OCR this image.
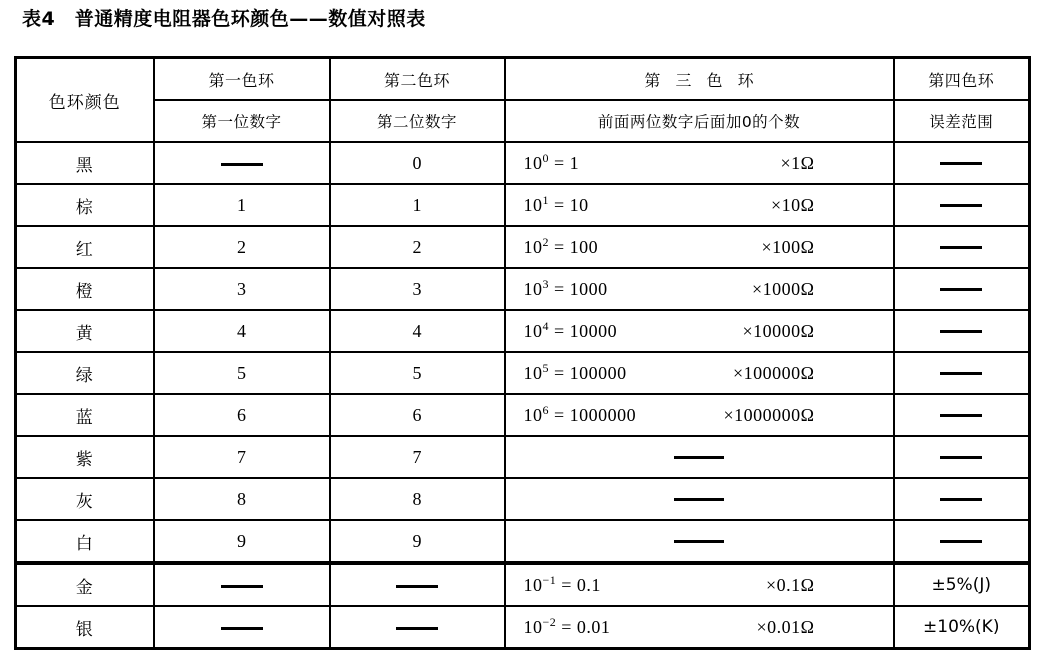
表4　普通精度电阻器色环颜色——数值对照表
色环颜色	第一色环	第二色环	第 三 色 环	第四色环
	第一位数字	第二位数字	前面两位数字后面加0的个数	误差范围
黑		0	$10^0 = 1 \times 1\Omega$	

棕	1	1	$10^1 = 10 \times 10\Omega$	

红	2	2	$10^2 = 100 \times 100\Omega$	

橙	3	3	$10^3 = 1000 \times 1000\Omega$	

黄	4	4	$10^4 = 10000 \times 10000\Omega$	

绿	5	5	$10^5 = 100000 \times 100000\Omega$	

蓝	6	6	$10^6 = 1000000 \times 1000000\Omega$	

紫	7	7	

灰	8	8	

白	9	9	

金			$10^{-1} = 0.1 \times 0.1\Omega$	±5%(J)
银			$10^{-2} = 0.01 \times 0.01\Omega$	±10%(K)
